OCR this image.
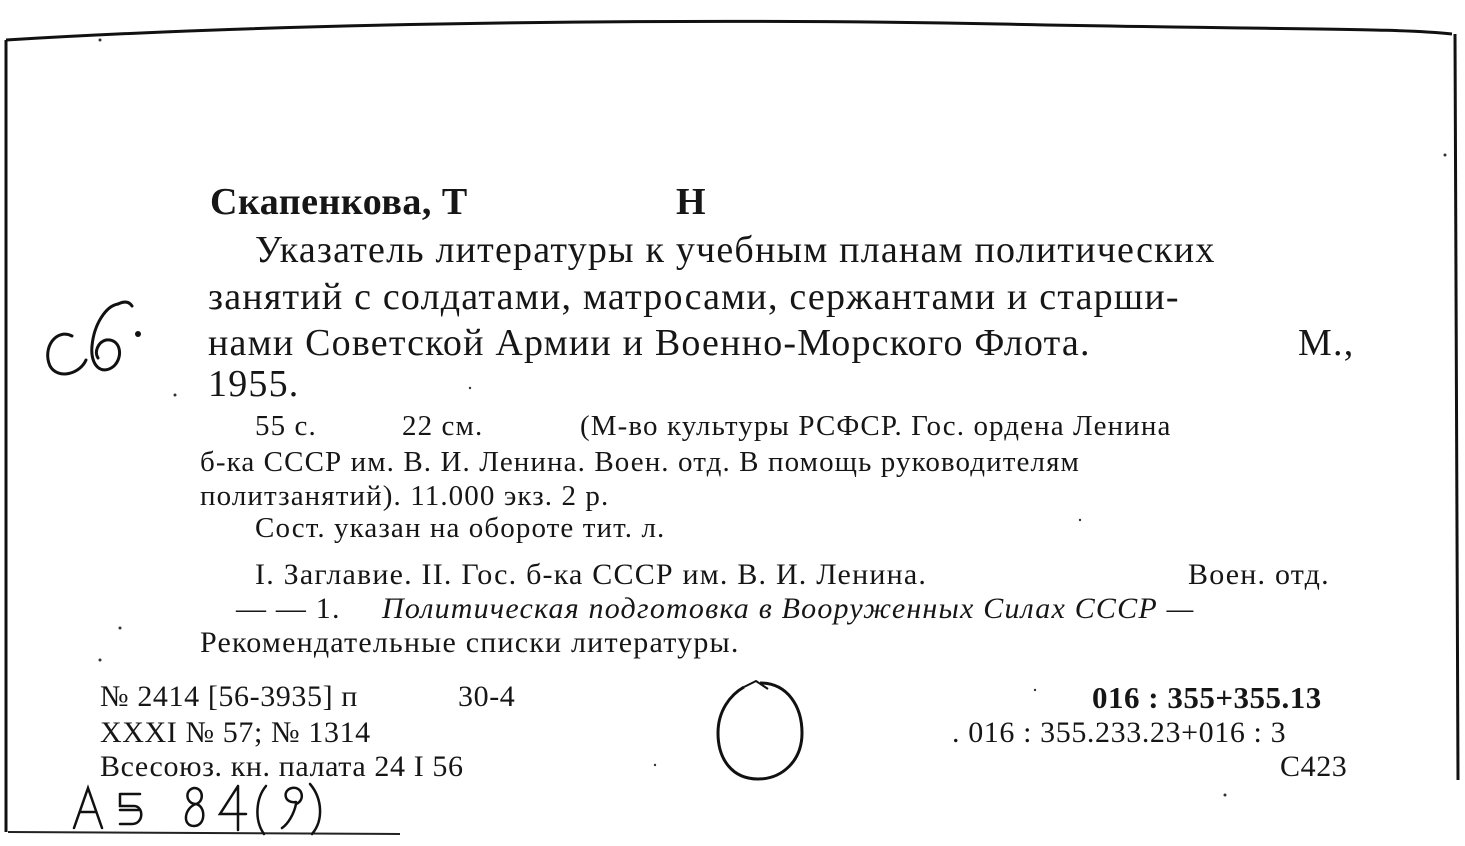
Скапенкова, Т	Н
Указатель литературы к учебным планам политических
занятий с солдатами, матросами, сержантами и старши-
нами Советской Армии и Военно-Морского Флота.	М.,
1955.
55 с.	22 см.	(М-во культуры РСФСР. Гос. ордена Ленина
б-ка СССР им. В. И. Ленина. Воен. отд. В помощь руководителям
политзанятий). 11.000 экз. 2 р.
Сост. указан на обороте тит. л.
I. Заглавие. II. Гос. б-ка СССР им. В. И. Ленина.	Воен. отд.
— — 1. Политическая подготовка в Вооруженных Силах СССР —
Рекомендательные списки литературы.
№ 2414 [56-3935] п	30-4
XXXI № 57; № 1314
Всесоюз. кн. палата 24 I 56
016 : 355+355.13
. 016 : 355.233.23+016 : 3
С423
